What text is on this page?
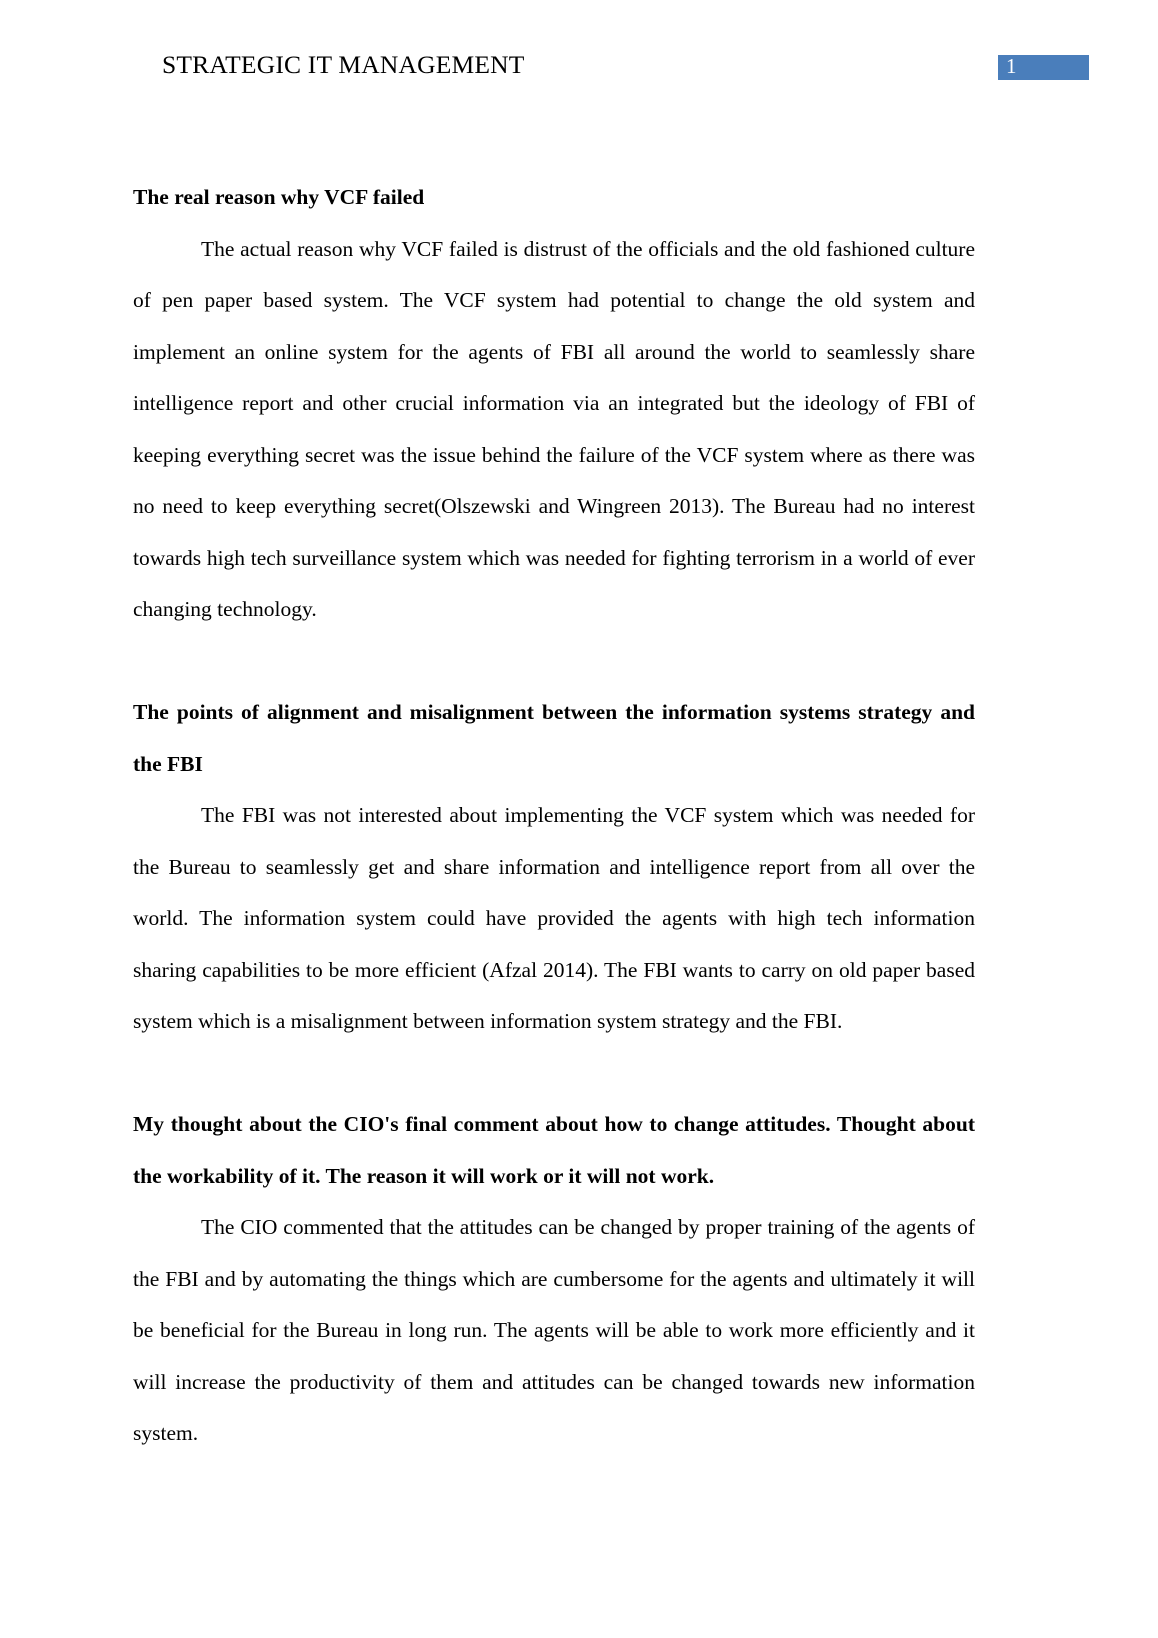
STRATEGIC IT MANAGEMENT	1
The real reason why VCF failed

The actual reason why VCF failed is distrust of the officials and the old fashioned culture of pen paper based system. The VCF system had potential to change the old system and implement an online system for the agents of FBI all around the world to seamlessly share intelligence report and other crucial information via an integrated but the ideology of FBI of keeping everything secret was the issue behind the failure of the VCF system where as there was no need to keep everything secret(Olszewski and Wingreen 2013). The Bureau had no interest towards high tech surveillance system which was needed for fighting terrorism in a world of ever changing technology.

The points of alignment and misalignment between the information systems strategy and the FBI

The FBI was not interested about implementing the VCF system which was needed for the Bureau to seamlessly get and share information and intelligence report from all over the world. The information system could have provided the agents with high tech information sharing capabilities to be more efficient (Afzal 2014). The FBI wants to carry on old paper based system which is a misalignment between information system strategy and the FBI.

My thought about the CIO's final comment about how to change attitudes. Thought about the workability of it. The reason it will work or it will not work.

The CIO commented that the attitudes can be changed by proper training of the agents of the FBI and by automating the things which are cumbersome for the agents and ultimately it will be beneficial for the Bureau in long run. The agents will be able to work more efficiently and it will increase the productivity of them and attitudes can be changed towards new information system.
